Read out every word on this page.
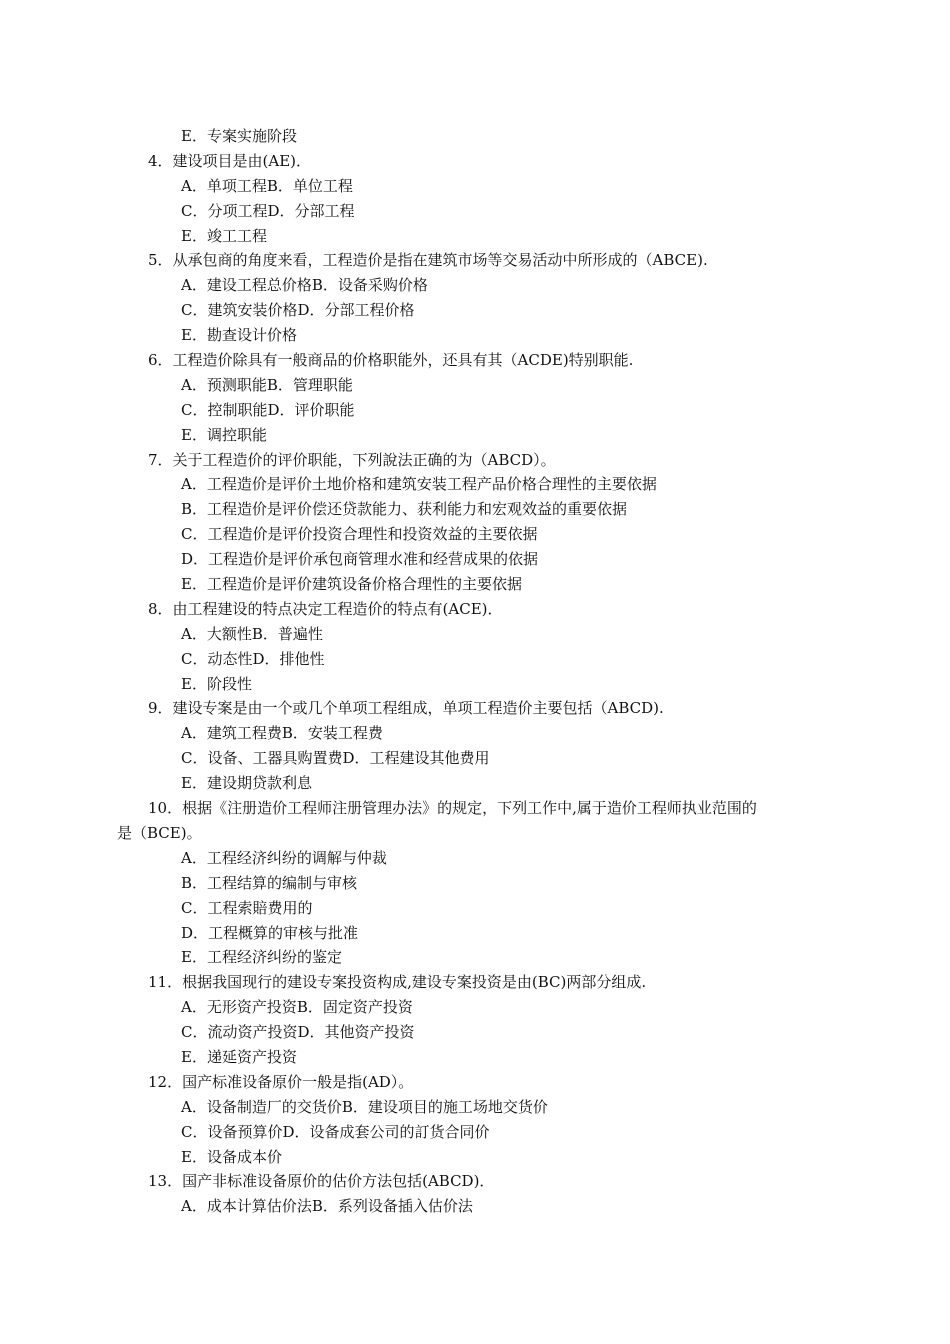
E．专案实施阶段
4．建设项目是由(AE)．
A．单项工程B．单位工程
C．分项工程D．分部工程
E．竣工工程
5．从承包商的角度来看，工程造价是指在建筑市场等交易活动中所形成的（ABCE).
A．建设工程总价格B．设备采购价格
C．建筑安装价格D．分部工程价格
E．勘查设计价格
6．工程造价除具有一般商品的价格职能外，还具有其（ACDE)特别职能.
A．预测职能B．管理职能
C．控制职能D．评价职能
E．调控职能
7．关于工程造价的评价职能，下列說法正确的为（ABCD）。
A．工程造价是评价土地价格和建筑安装工程产品价格合理性的主要依据
B．工程造价是评价偿还贷款能力、获利能力和宏观效益的重要依据
C．工程造价是评价投资合理性和投资效益的主要依据
D．工程造价是评价承包商管理水准和经营成果的依据
E．工程造价是评价建筑设备价格合理性的主要依据
8．由工程建设的特点决定工程造价的特点有(ACE)．
A．大额性B．普遍性
C．动态性D．排他性
E．阶段性
9．建设专案是由一个或几个单项工程组成，单项工程造价主要包括（ABCD).
A．建筑工程费B．安装工程费
C．设备、工器具购置费D．工程建设其他费用
E．建设期贷款利息
10．根据《注册造价工程师注册管理办法》的规定，下列工作中,属于造价工程师执业范围的
是（BCE)。
A．工程经济纠纷的调解与仲裁
B．工程结算的编制与审核
C．工程索賠费用的
D．工程概算的审核与批准
E．工程经济纠纷的鉴定
11．根据我国现行的建设专案投资构成,建设专案投资是由(BC)两部分组成.
A．无形资产投资B．固定资产投资
C．流动资产投资D．其他资产投资
E．递延资产投资
12．国产标准设备原价一般是指(AD）。
A．设备制造厂的交货价B．建设项目的施工场地交货价
C．设备预算价D．设备成套公司的訂货合同价
E．设备成本价
13．国产非标准设备原价的估价方法包括(ABCD)．
A．成本计算估价法B．系列设备插入估价法
